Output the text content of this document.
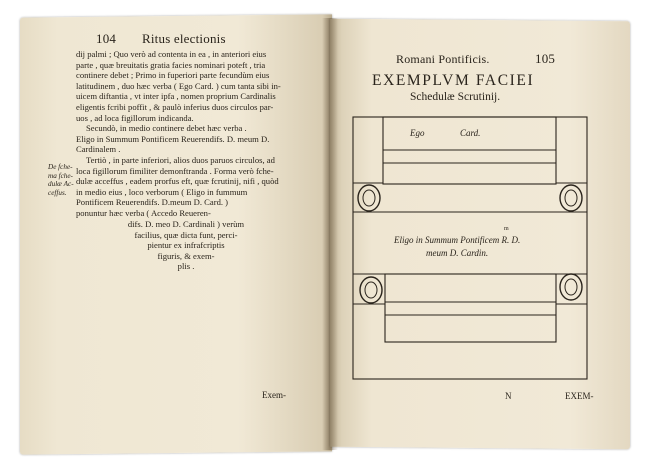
104 Ritus electionis
dij palmi ; Quo verò ad contenta in ea , in anteriori eius
parte , quæ breuitatis gratia facies nominari poteft , tria
continere debet ; Primo in fuperiori parte fecundùm eius
latitudinem , duo hæc verba ( Ego Card. ) cum tanta sibi in-
uicem diftantia , vt inter ipfa , nomen proprium Cardinalis
eligentis fcribi poffit , & paulò inferius duos circulos par-
uos , ad loca figillorum indicanda.
Secundò, in medio continere debet hæc verba .
Eligo in Summum Pontificem Reuerendifs. D. meum D.
Cardinalem .
Tertiò , in parte inferiori, alios duos paruos circulos, ad
loca figillorum fimiliter demonftranda . Forma verò fche-
dulæ acceffus , eadem prorfus eft, quæ fcrutinij, nifi , quòd
in medio eius , loco verborum ( Eligo in fummum
Pontificem Reuerendifs. D.meum D. Card. )
ponuntur hæc verba ( Accedo Reueren-
difs. D. meo D. Cardinali ) verùm
facilius, quæ dicta funt, perci-
pientur ex infrafcriptis
figuris, & exem-
plis .
De fche-
ma fche-
dulæ Ac-
ceffus.
Exem-
Romani Pontificis.	105
EXEMPLVM FACIEI
Schedulæ Scrutinij.
Ego	Card.
m
Eligo in Summum Pontificem R. D.
meum D. Cardin.
N	EXEM-
